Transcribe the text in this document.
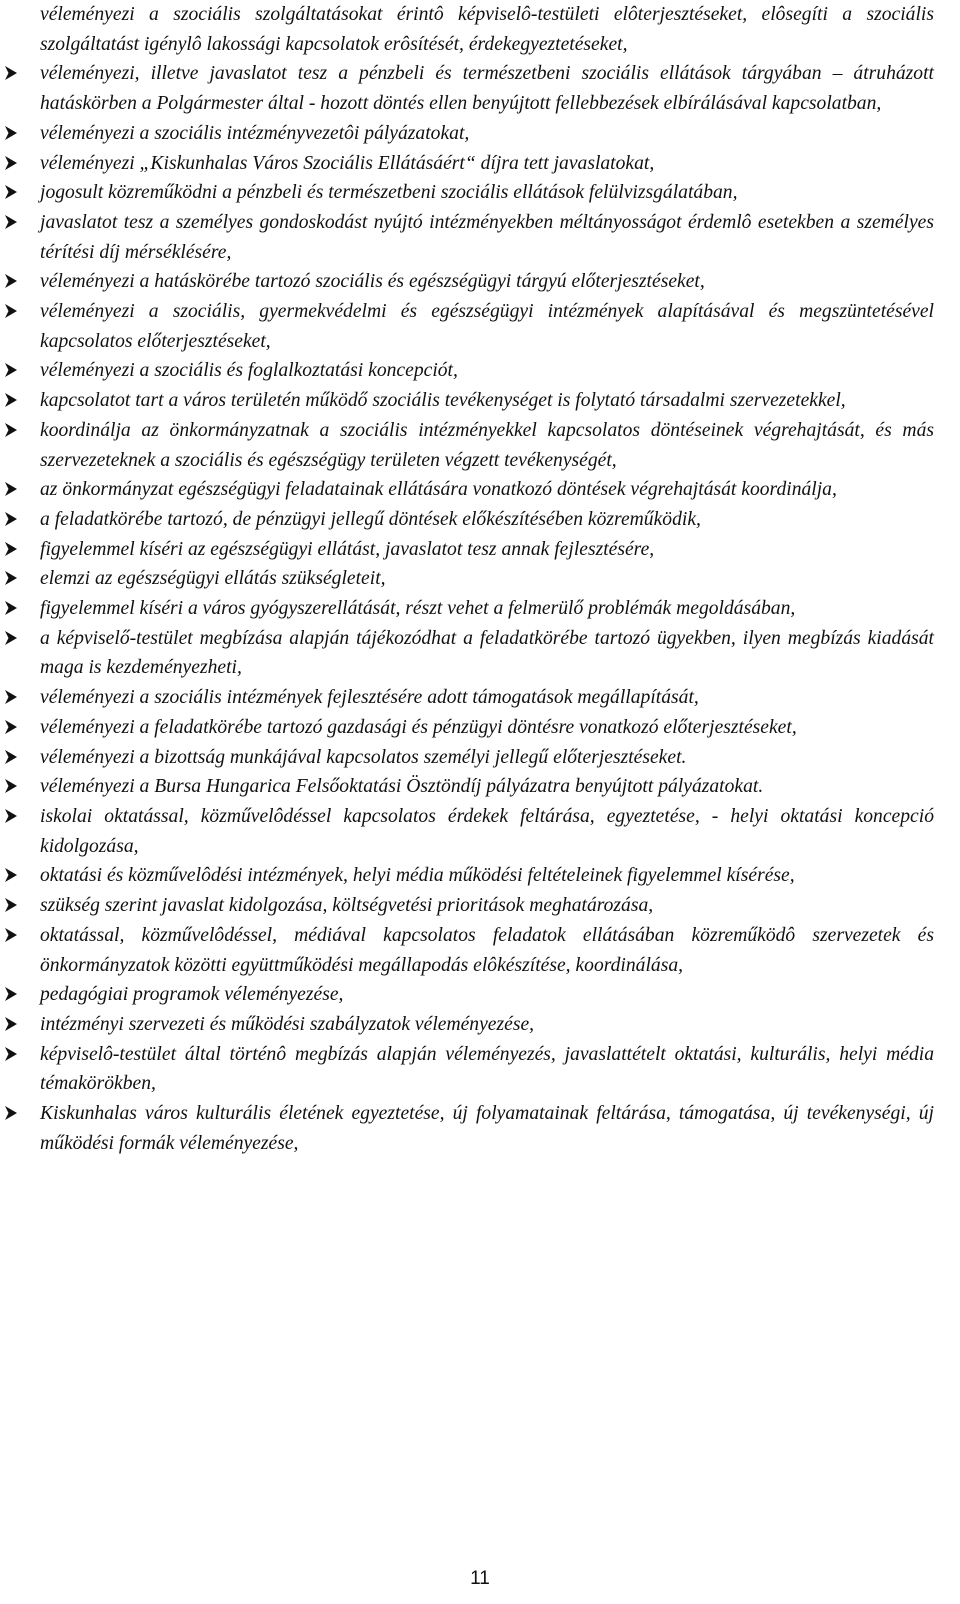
véleményezi a szociális szolgáltatásokat érintô képviselô-testületi elôterjesztéseket, elôsegíti a szociális szolgáltatást igénylô lakossági kapcsolatok erôsítését, érdekegyeztetéseket,
véleményezi, illetve javaslatot tesz a pénzbeli és természetbeni szociális ellátások tárgyában – átruházott hatáskörben a Polgármester által - hozott döntés ellen benyújtott fellebbezések elbírálásával kapcsolatban,
véleményezi a szociális intézményvezetôi pályázatokat,
véleményezi „Kiskunhalas Város Szociális Ellátásáért“ díjra tett javaslatokat,
jogosult közreműködni a pénzbeli és természetbeni szociális ellátások felülvizsgálatában,
javaslatot tesz a személyes gondoskodást nyújtó intézményekben méltányosságot érdemlô esetekben a személyes térítési díj mérséklésére,
véleményezi a hatáskörébe tartozó szociális és egészségügyi tárgyú előterjesztéseket,
véleményezi a szociális, gyermekvédelmi és egészségügyi intézmények alapításával és megszüntetésével kapcsolatos előterjesztéseket,
véleményezi a szociális és foglalkoztatási koncepciót,
kapcsolatot tart a város területén működő szociális tevékenységet is folytató társadalmi szervezetekkel,
koordinálja az önkormányzatnak a szociális intézményekkel kapcsolatos döntéseinek végrehajtását, és más szervezeteknek a szociális és egészségügy területen végzett tevékenységét,
az önkormányzat egészségügyi feladatainak ellátására vonatkozó döntések végrehajtását koordinálja,
a feladatkörébe tartozó, de pénzügyi jellegű döntések előkészítésében közreműködik,
figyelemmel kíséri az egészségügyi ellátást, javaslatot tesz annak fejlesztésére,
elemzi az egészségügyi ellátás szükségleteit,
figyelemmel kíséri a város gyógyszerellátását, részt vehet a felmerülő problémák megoldásában,
a képviselő-testület megbízása alapján tájékozódhat a feladatkörébe tartozó ügyekben, ilyen megbízás kiadását maga is kezdeményezheti,
véleményezi a szociális intézmények fejlesztésére adott támogatások megállapítását,
véleményezi a feladatkörébe tartozó gazdasági és pénzügyi döntésre vonatkozó előterjesztéseket,
véleményezi a bizottság munkájával kapcsolatos személyi jellegű előterjesztéseket.
véleményezi a Bursa Hungarica Felsőoktatási Ösztöndíj pályázatra benyújtott pályázatokat.
iskolai oktatással, közművelôdéssel kapcsolatos érdekek feltárása, egyeztetése, - helyi oktatási koncepció kidolgozása,
oktatási és közművelôdési intézmények, helyi média működési feltételeinek figyelemmel kísérése,
szükség szerint javaslat kidolgozása, költségvetési prioritások meghatározása,
oktatással, közművelôdéssel, médiával kapcsolatos feladatok ellátásában közreműködô szervezetek és önkormányzatok közötti együttműködési megállapodás elôkészítése, koordinálása,
pedagógiai programok véleményezése,
intézményi szervezeti és működési szabályzatok véleményezése,
képviselô-testület által történô megbízás alapján véleményezés, javaslattételt oktatási, kulturális, helyi média témakörökben,
Kiskunhalas város kulturális életének egyeztetése, új folyamatainak feltárása, támogatása, új tevékenységi, új működési formák véleményezése,
11
